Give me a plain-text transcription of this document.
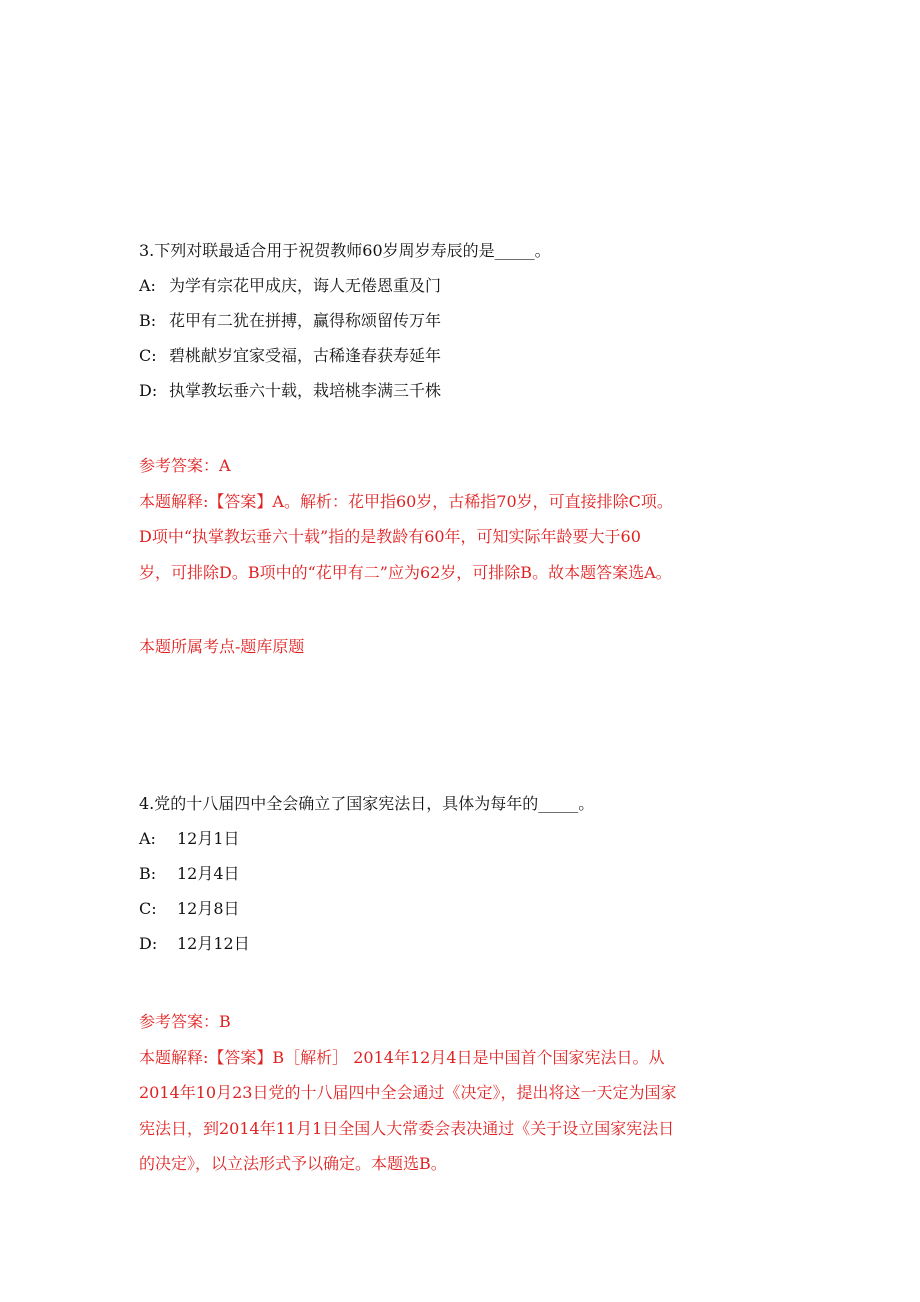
3.下列对联最适合用于祝贺教师60岁周岁寿辰的是_____。
A: 为学有宗花甲成庆，诲人无倦恩重及门
B: 花甲有二犹在拼搏，赢得称颂留传万年
C: 碧桃献岁宜家受福，古稀逢春获寿延年
D: 执掌教坛垂六十载，栽培桃李满三千株
参考答案：A
本题解释:【答案】A。解析：花甲指60岁，古稀指70岁，可直接排除C项。
D项中“执掌教坛垂六十载”指的是教龄有60年，可知实际年龄要大于60
岁，可排除D。B项中的“花甲有二”应为62岁，可排除B。故本题答案选A。
本题所属考点-题库原题
4.党的十八届四中全会确立了国家宪法日，具体为每年的_____。
A: 12月1日
B: 12月4日
C: 12月8日
D: 12月12日
参考答案：B
本题解释:【答案】B［解析］ 2014年12月4日是中国首个国家宪法日。从
2014年10月23日党的十八届四中全会通过《决定》，提出将这一天定为国家
宪法日，到2014年11月1日全国人大常委会表决通过《关于设立国家宪法日
的决定》，以立法形式予以确定。本题选B。
